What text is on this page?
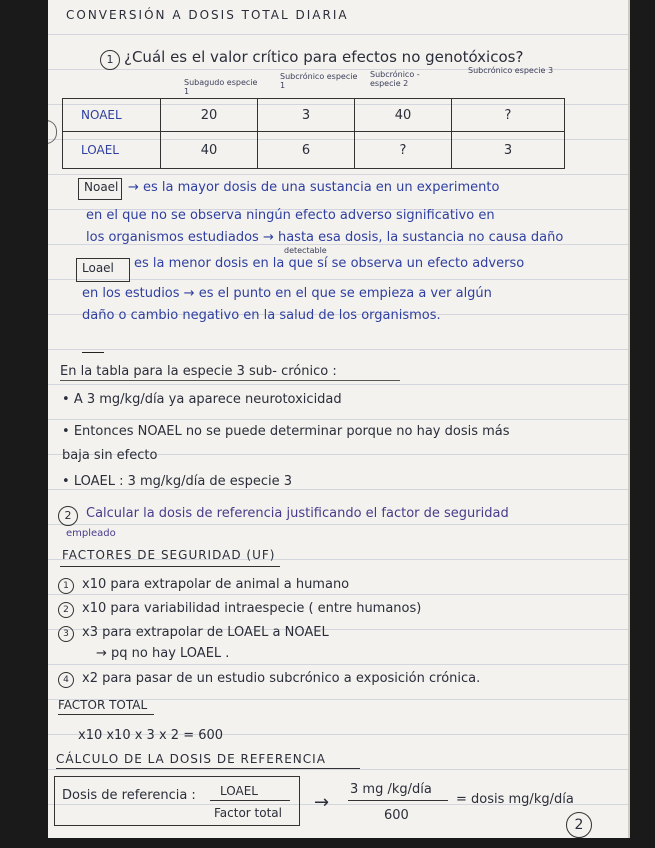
CONVERSIÓN A DOSIS TOTAL DIARIA
1 ¿Cuál es el valor crítico para efectos no genotóxicos?
Subagudo especie 1
Subcrónico especie 1
Subcrónico - especie 2
Subcrónico especie 3
NOAEL	20	3	40	?
LOAEL	40	6	?	3
Noael → es la mayor dosis de una sustancia en un experimento
en el que no se observa ningún efecto adverso significativo en
los organismos estudiados → hasta esa dosis, la sustancia no causa daño
detectable
Loael es la menor dosis en la que sí se observa un efecto adverso
en los estudios → es el punto en el que se empieza a ver algún
daño o cambio negativo en la salud de los organismos.
En la tabla para la especie 3 sub- crónico :
• A 3 mg/kg/día ya aparece neurotoxicidad
• Entonces NOAEL no se puede determinar porque no hay dosis más
baja sin efecto
• LOAEL : 3 mg/kg/día de especie 3
2	Calcular la dosis de referencia justificando el factor de seguridad
empleado
FACTORES DE SEGURIDAD (UF)
1	x10 para extrapolar de animal a humano
2	x10 para variabilidad intraespecie ( entre humanos)
3	x3 para extrapolar de LOAEL a NOAEL
→ pq no hay LOAEL .
4	x2 para pasar de un estudio subcrónico a exposición crónica.
FACTOR TOTAL
x10 x10 x 3 x 2 = 600
CÁLCULO DE LA DOSIS DE REFERENCIA
Dosis de referencia : LOAEL
Factor total →
3 mg /kg/día
600
= dosis mg/kg/día
2
